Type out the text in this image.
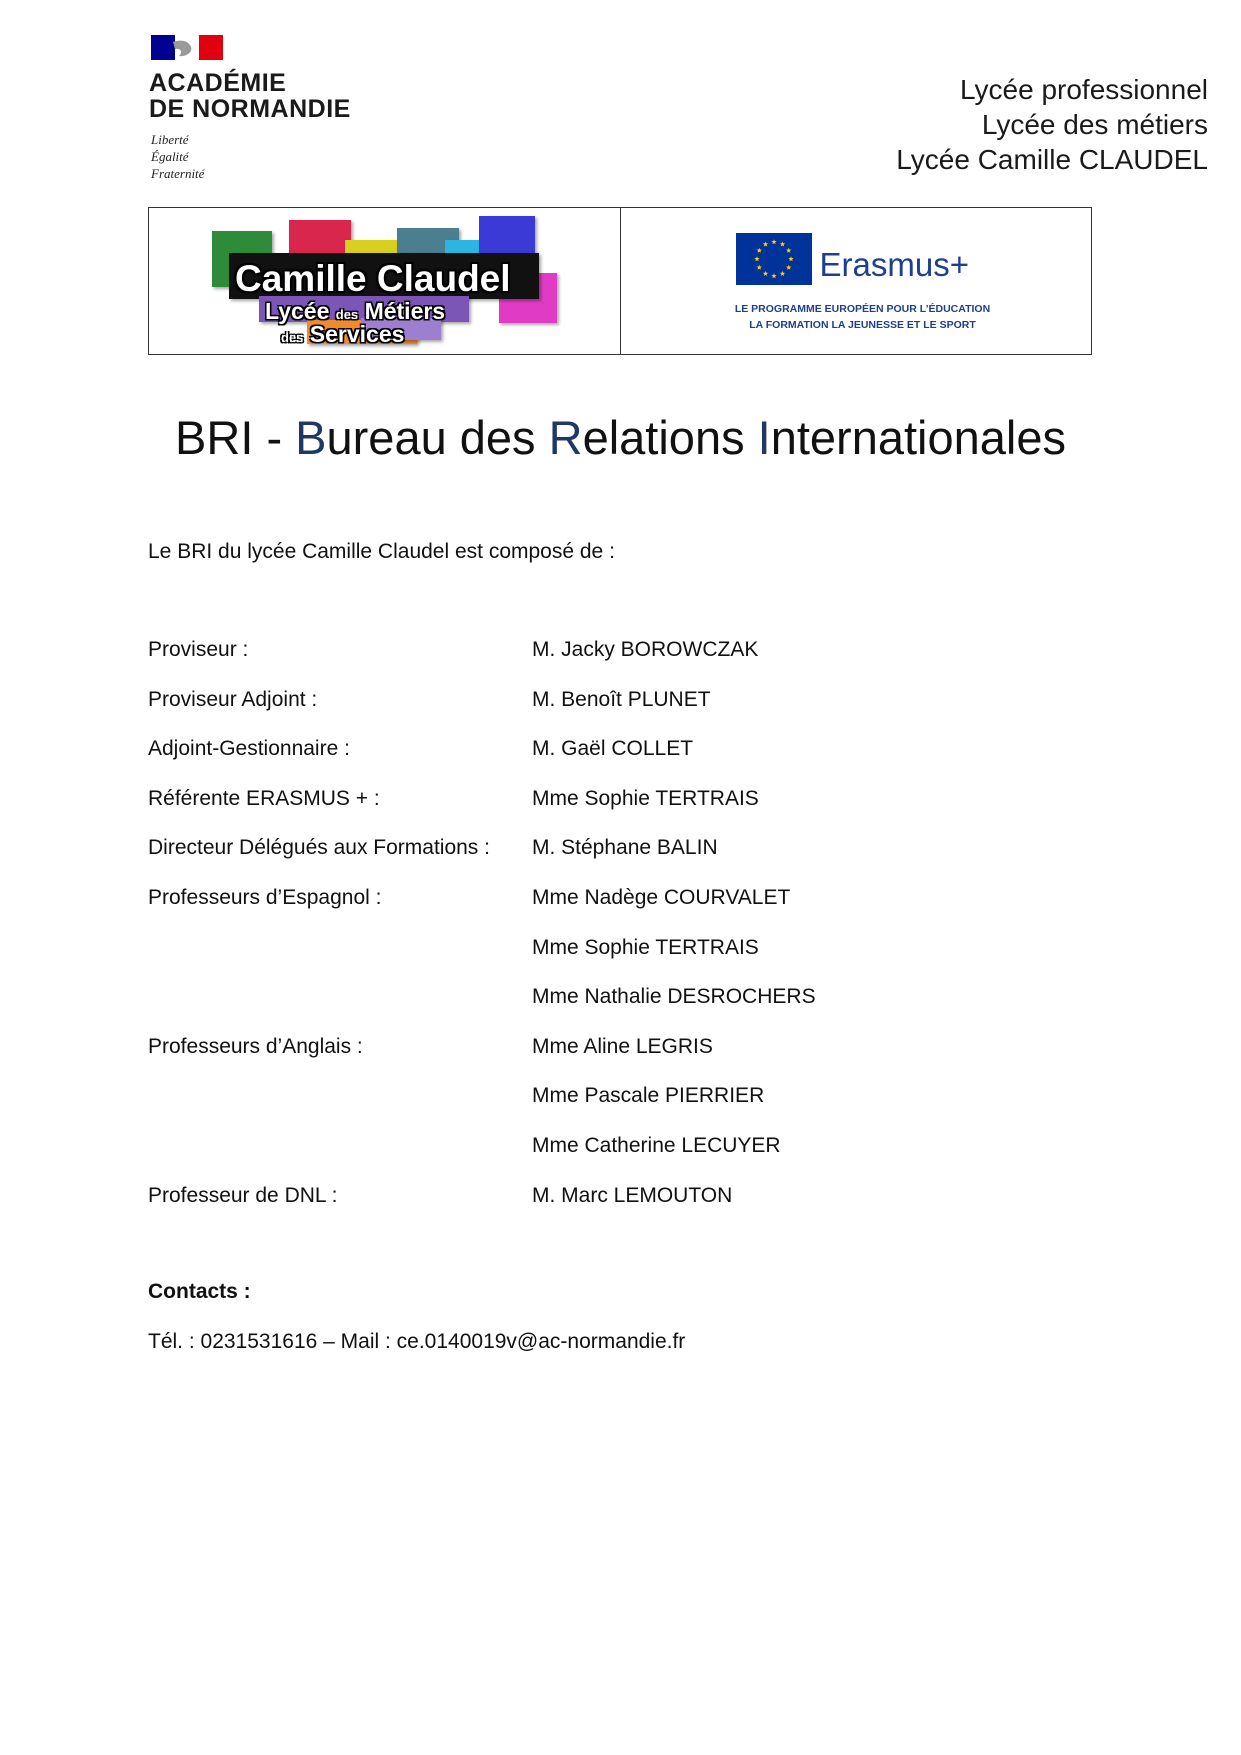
ACADÉMIE
DE NORMANDIE
Liberté
Égalité
Fraternité
Lycée professionnel
Lycée des métiers
Lycée Camille CLAUDEL
Camille Claudel
Lycée des Métiers
des Services
Erasmus+
LE PROGRAMME EUROPÉEN POUR L’ÉDUCATION
LA FORMATION LA JEUNESSE ET LE SPORT
BRI - Bureau des Relations Internationales
Le BRI du lycée Camille Claudel est composé de :
Proviseur :	M. Jacky BOROWCZAK
Proviseur Adjoint :	M. Benoît PLUNET
Adjoint-Gestionnaire :	M. Gaël COLLET
Référente ERASMUS + :	Mme Sophie TERTRAIS
Directeur Délégués aux Formations :	M. Stéphane BALIN
Professeurs d’Espagnol :	Mme Nadège COURVALET
Mme Sophie TERTRAIS
Mme Nathalie DESROCHERS
Professeurs d’Anglais :	Mme Aline LEGRIS
Mme Pascale PIERRIER
Mme Catherine LECUYER
Professeur de DNL :	M. Marc LEMOUTON
Contacts :
Tél. : 0231531616 – Mail : ce.0140019v@ac-normandie.fr
